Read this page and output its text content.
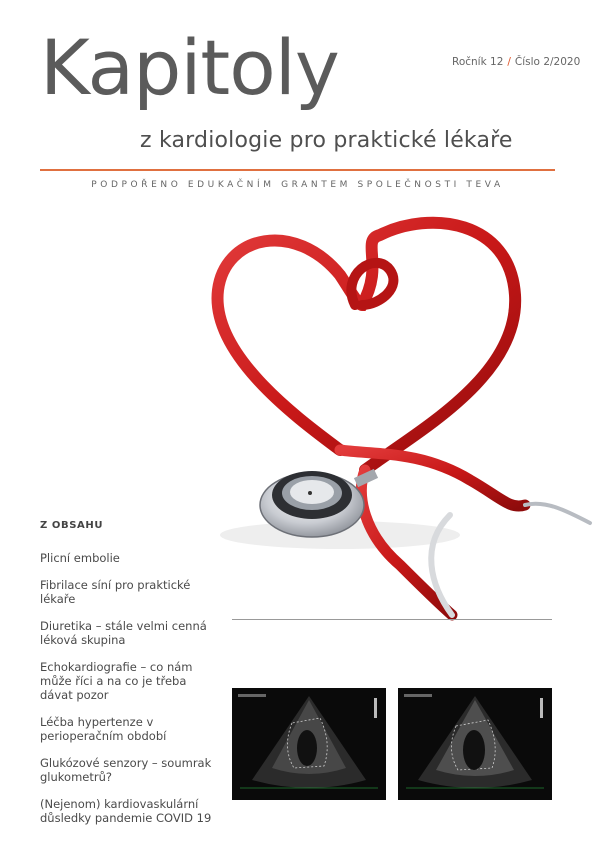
Kapitoly
z kardiologie pro praktické lékaře
Ročník 12 / Číslo 2/2020
PODPOŘENO EDUKAČNÍM GRANTEM SPOLEČNOSTI TEVA
Z OBSAHU
Plicní embolie
Fibrilace síní pro praktické lékaře
Diuretika – stále velmi cenná léková skupina
Echokardiografie – co nám může říci a na co je třeba dávat pozor
Léčba hypertenze v perioperačním období
Glukózové senzory – soumrak glukometrů?
(Nejenom) kardiovaskulární důsledky pandemie COVID 19
